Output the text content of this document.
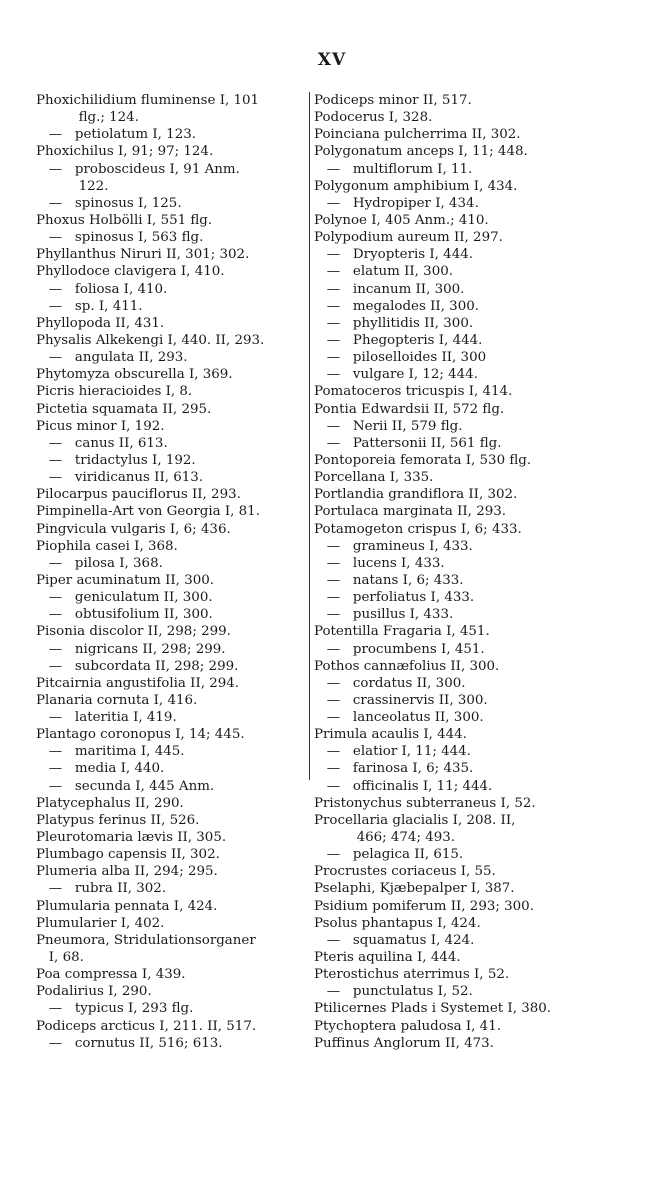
XV
Phoxichilidium fluminense I, 101
flg.; 124.
—   petiolatum I, 123.
Phoxichilus I, 91; 97; 124.
—   proboscideus I, 91 Anm.
122.
—   spinosus I, 125.
Phoxus Holbölli I, 551 flg.
—   spinosus I, 563 flg.
Phyllanthus Niruri II, 301; 302.
Phyllodoce clavigera I, 410.
—   foliosa I, 410.
—   sp. I, 411.
Phyllopoda II, 431.
Physalis Alkekengi I, 440. II, 293.
—   angulata II, 293.
Phytomyza obscurella I, 369.
Picris hieracioides I, 8.
Pictetia squamata II, 295.
Picus minor I, 192.
—   canus II, 613.
—   tridactylus I, 192.
—   viridicanus II, 613.
Pilocarpus pauciflorus II, 293.
Pimpinella-Art von Georgia I, 81.
Pingvicula vulgaris I, 6; 436.
Piophila casei I, 368.
—   pilosa I, 368.
Piper acuminatum II, 300.
—   geniculatum II, 300.
—   obtusifolium II, 300.
Pisonia discolor II, 298; 299.
—   nigricans II, 298; 299.
—   subcordata II, 298; 299.
Pitcairnia angustifolia II, 294.
Planaria cornuta I, 416.
—   lateritia I, 419.
Plantago coronopus I, 14; 445.
—   maritima I, 445.
—   media I, 440.
—   secunda I, 445 Anm.
Platycephalus II, 290.
Platypus ferinus II, 526.
Pleurotomaria lævis II, 305.
Plumbago capensis II, 302.
Plumeria alba II, 294; 295.
—   rubra II, 302.
Plumularia pennata I, 424.
Plumularier I, 402.
Pneumora, Stridulationsorganer
I, 68.
Poa compressa I, 439.
Podalirius I, 290.
—   typicus I, 293 flg.
Podiceps arcticus I, 211. II, 517.
—   cornutus II, 516; 613.
Podiceps minor II, 517.
Podocerus I, 328.
Poinciana pulcherrima II, 302.
Polygonatum anceps I, 11; 448.
—   multiflorum I, 11.
Polygonum amphibium I, 434.
—   Hydropiper I, 434.
Polynoe I, 405 Anm.; 410.
Polypodium aureum II, 297.
—   Dryopteris I, 444.
—   elatum II, 300.
—   incanum II, 300.
—   megalodes II, 300.
—   phyllitidis II, 300.
—   Phegopteris I, 444.
—   piloselloides II, 300
—   vulgare I, 12; 444.
Pomatoceros tricuspis I, 414.
Pontia Edwardsii II, 572 flg.
—   Nerii II, 579 flg.
—   Pattersonii II, 561 flg.
Pontoporeia femorata I, 530 flg.
Porcellana I, 335.
Portlandia grandiflora II, 302.
Portulaca marginata II, 293.
Potamogeton crispus I, 6; 433.
—   gramineus I, 433.
—   lucens I, 433.
—   natans I, 6; 433.
—   perfoliatus I, 433.
—   pusillus I, 433.
Potentilla Fragaria I, 451.
—   procumbens I, 451.
Pothos cannæfolius II, 300.
—   cordatus II, 300.
—   crassinervis II, 300.
—   lanceolatus II, 300.
Primula acaulis I, 444.
—   elatior I, 11; 444.
—   farinosa I, 6; 435.
—   officinalis I, 11; 444.
Pristonychus subterraneus I, 52.
Procellaria glacialis I, 208. II,
466; 474; 493.
—   pelagica II, 615.
Procrustes coriaceus I, 55.
Pselaphi, Kjæbepalper I, 387.
Psidium pomiferum II, 293; 300.
Psolus phantapus I, 424.
—   squamatus I, 424.
Pteris aquilina I, 444.
Pterostichus aterrimus I, 52.
—   punctulatus I, 52.
Ptilicernes Plads i Systemet I, 380.
Ptychoptera paludosa I, 41.
Puffinus Anglorum II, 473.
